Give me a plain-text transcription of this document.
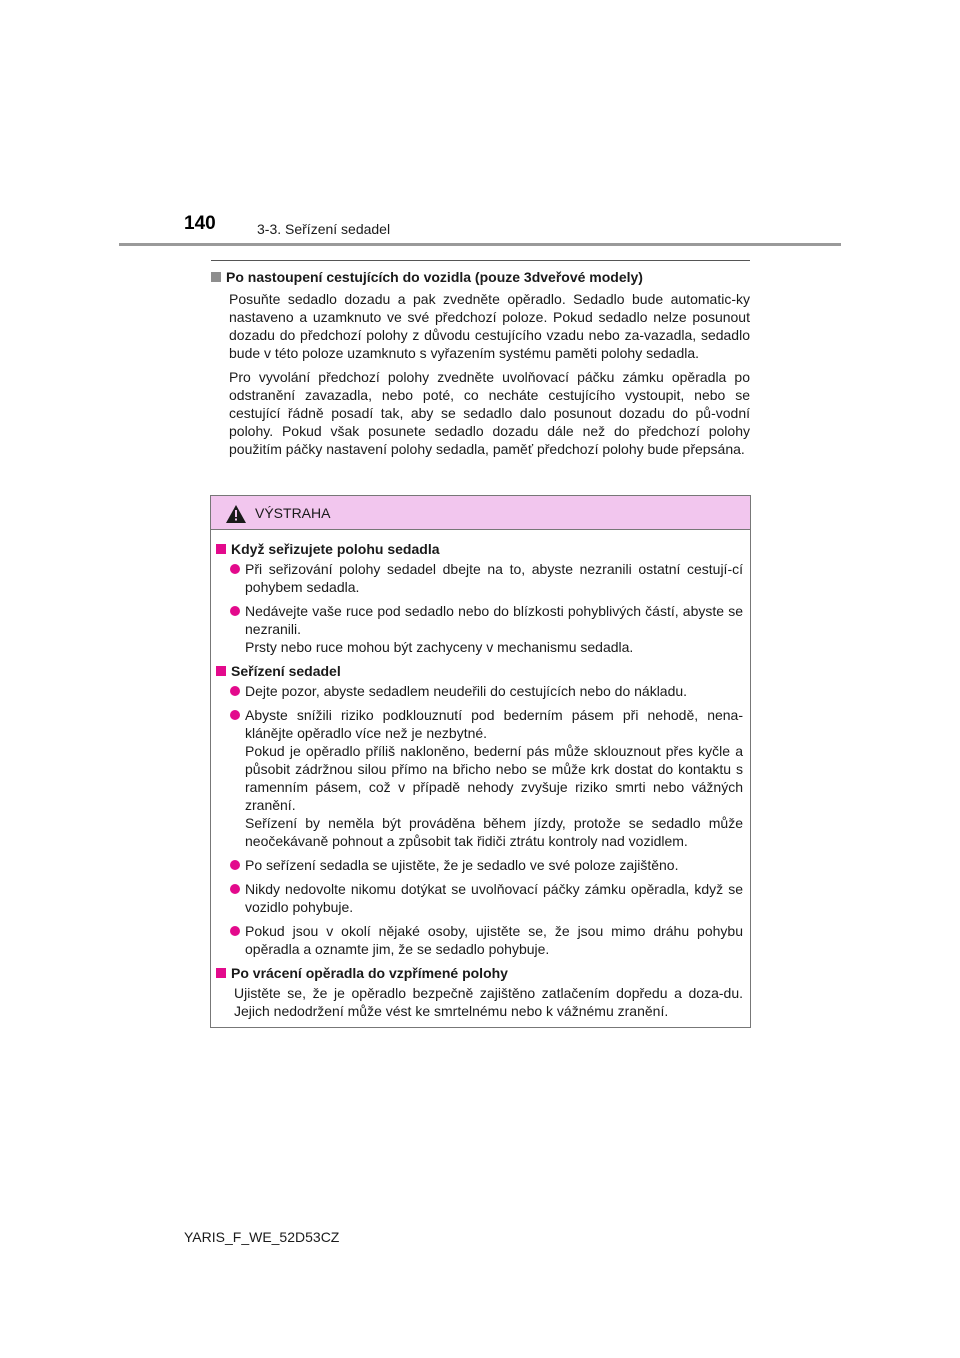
140	3-3. Seřízení sedadel
Po nastoupení cestujících do vozidla (pouze 3dveřové modely)

Posuňte sedadlo dozadu a pak zvedněte opěradlo. Sedadlo bude automatic-ky nastaveno a uzamknuto ve své předchozí poloze. Pokud sedadlo nelze posunout dozadu do předchozí polohy z důvodu cestujícího vzadu nebo za-vazadla, sedadlo bude v této poloze uzamknuto s vyřazením systému paměti polohy sedadla.

Pro vyvolání předchozí polohy zvedněte uvolňovací páčku zámku opěradla po odstranění zavazadla, nebo poté, co necháte cestujícího vystoupit, nebo se cestující řádně posadí tak, aby se sedadlo dalo posunout dozadu do pů-vodní polohy. Pokud však posunete sedadlo dozadu dále než do předchozí polohy použitím páčky nastavení polohy sedadla, paměť předchozí polohy bude přepsána.

VÝSTRAHA
Když seřizujete polohu sedadla
Při seřizování polohy sedadel dbejte na to, abyste nezranili ostatní cestují-cí pohybem sedadla.
Nedávejte vaše ruce pod sedadlo nebo do blízkosti pohyblivých částí, abyste se nezranili.
Prsty nebo ruce mohou být zachyceny v mechanismu sedadla.
Seřízení sedadel
Dejte pozor, abyste sedadlem neudeřili do cestujících nebo do nákladu.
Abyste snížili riziko podklouznutí pod bederním pásem při nehodě, nena-klánějte opěradlo více než je nezbytné.
Pokud je opěradlo příliš nakloněno, bederní pás může sklouznout přes kyčle a působit zádržnou silou přímo na břicho nebo se může krk dostat do kontaktu s ramenním pásem, což v případě nehody zvyšuje riziko smrti nebo vážných zranění.
Seřízení by neměla být prováděna během jízdy, protože se sedadlo může neočekávaně pohnout a způsobit tak řidiči ztrátu kontroly nad vozidlem.
Po seřízení sedadla se ujistěte, že je sedadlo ve své poloze zajištěno.
Nikdy nedovolte nikomu dotýkat se uvolňovací páčky zámku opěradla, když se vozidlo pohybuje.
Pokud jsou v okolí nějaké osoby, ujistěte se, že jsou mimo dráhu pohybu opěradla a oznamte jim, že se sedadlo pohybuje.
Po vrácení opěradla do vzpřímené polohy

Ujistěte se, že je opěradlo bezpečně zajištěno zatlačením dopředu a doza-du. Jejich nedodržení může vést ke smrtelnému nebo k vážnému zranění.

YARIS_F_WE_52D53CZ
